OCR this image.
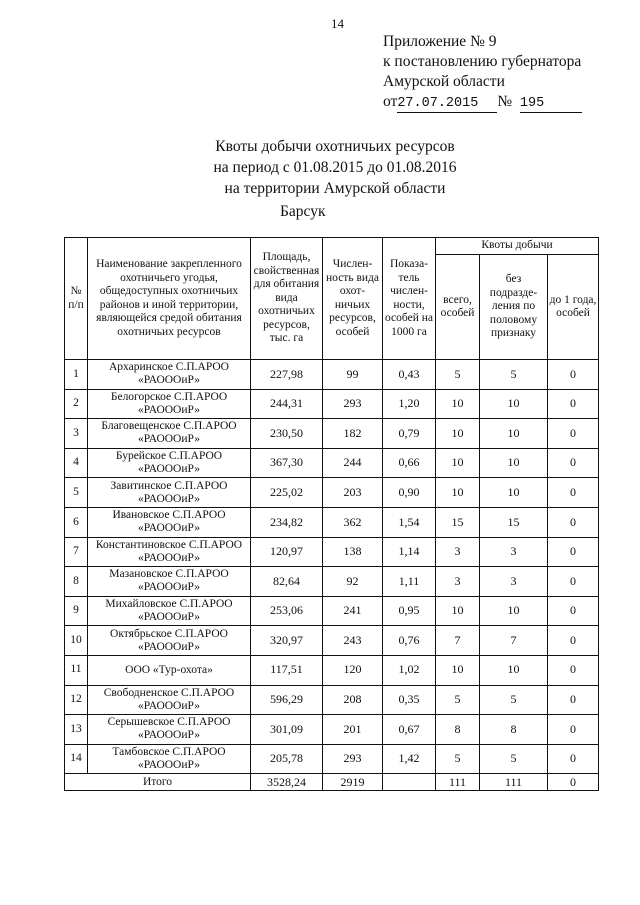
14
Приложение № 9
к постановлению губернатора
Амурской области
от27.07.2015 № 195
Квоты добычи охотничьих ресурсов
на период с 01.08.2015 до 01.08.2016
на территории Амурской области
Барсук
№ п/п	Наименование закрепленного охотничьего угодья, общедоступных охотничьих районов и иной территории, являющейся средой обитания охотничьих ресурсов	Площадь, свойственная для обитания вида охотничьих ресурсов, тыс. га	Числен- ность вида охот- ничьих ресурсов, особей	Показа- тель числен- ности, особей на 1000 га	Квоты добычи		
					всего, особей	без подразде- ления по половому признаку	до 1 года, особей
1	Архаринское С.П.АРОО
«РАОООиР»	227,98	99	0,43	5	5	0
2	Белогорское С.П.АРОО
«РАОООиР»	244,31	293	1,20	10	10	0
3	Благовещенское С.П.АРОО
«РАОООиР»	230,50	182	0,79	10	10	0
4	Бурейское С.П.АРОО
«РАОООиР»	367,30	244	0,66	10	10	0
5	Завитинское С.П.АРОО
«РАОООиР»	225,02	203	0,90	10	10	0
6	Ивановское С.П.АРОО
«РАОООиР»	234,82	362	1,54	15	15	0
7	Константиновское С.П.АРОО
«РАОООиР»	120,97	138	1,14	3	3	0
8	Мазановское С.П.АРОО
«РАОООиР»	82,64	92	1,11	3	3	0
9	Михайловское С.П.АРОО
«РАОООиР»	253,06	241	0,95	10	10	0
10	Октябрьское С.П.АРОО
«РАОООиР»	320,97	243	0,76	7	7	0
11	ООО «Тур-охота»	117,51	120	1,02	10	10	0
12	Свободненское С.П.АРОО
«РАОООиР»	596,29	208	0,35	5	5	0
13	Серышевское С.П.АРОО
«РАОООиР»	301,09	201	0,67	8	8	0
14	Тамбовское С.П.АРОО
«РАОООиР»	205,78	293	1,42	5	5	0
Итого		3528,24	2919		111	111	0
